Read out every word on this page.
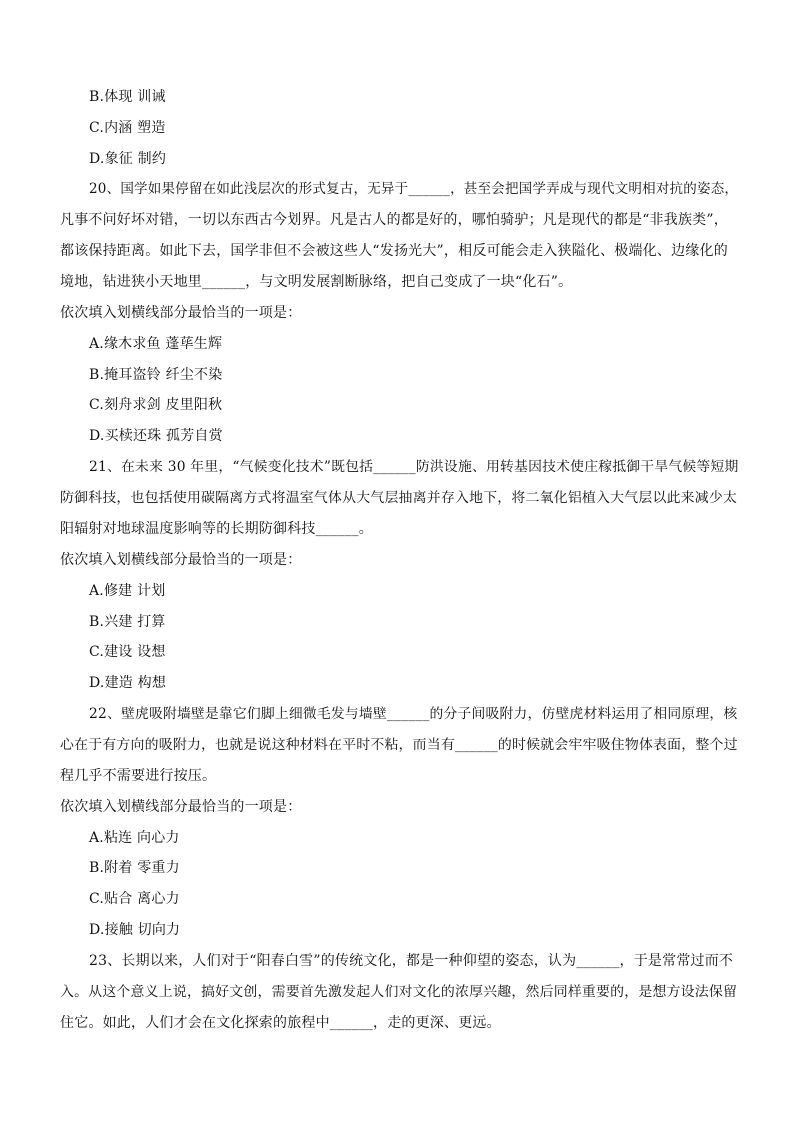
B.体现 训诫
C.内涵 塑造
D.象征 制约
20、国学如果停留在如此浅层次的形式复古，无异于______，甚至会把国学弄成与现代文明相对抗的姿态，
凡事不问好坏对错，一切以东西古今划界。凡是古人的都是好的，哪怕骑驴；凡是现代的都是“非我族类”，
都该保持距离。如此下去，国学非但不会被这些人“发扬光大”，相反可能会走入狭隘化、极端化、边缘化的
境地，钻进狭小天地里______，与文明发展割断脉络，把自己变成了一块“化石”。
依次填入划横线部分最恰当的一项是：
A.缘木求鱼 蓬荜生辉
B.掩耳盗铃 纤尘不染
C.刻舟求剑 皮里阳秋
D.买椟还珠 孤芳自赏
21、在未来 30 年里，“气候变化技术”既包括______防洪设施、用转基因技术使庄稼抵御干旱气候等短期
防御科技，也包括使用碳隔离方式将温室气体从大气层抽离并存入地下，将二氧化铝植入大气层以此来减少太
阳辐射对地球温度影响等的长期防御科技______。
依次填入划横线部分最恰当的一项是：
A.修建 计划
B.兴建 打算
C.建设 设想
D.建造 构想
22、壁虎吸附墙壁是靠它们脚上细微毛发与墙壁______的分子间吸附力，仿壁虎材料运用了相同原理，核
心在于有方向的吸附力，也就是说这种材料在平时不粘，而当有______的时候就会牢牢吸住物体表面，整个过
程几乎不需要进行按压。
依次填入划横线部分最恰当的一项是：
A.粘连 向心力
B.附着 零重力
C.贴合 离心力
D.接触 切向力
23、长期以来，人们对于“阳春白雪”的传统文化，都是一种仰望的姿态，认为______，于是常常过而不
入。从这个意义上说，搞好文创，需要首先激发起人们对文化的浓厚兴趣，然后同样重要的，是想方设法保留
住它。如此，人们才会在文化探索的旅程中______，走的更深、更远。
